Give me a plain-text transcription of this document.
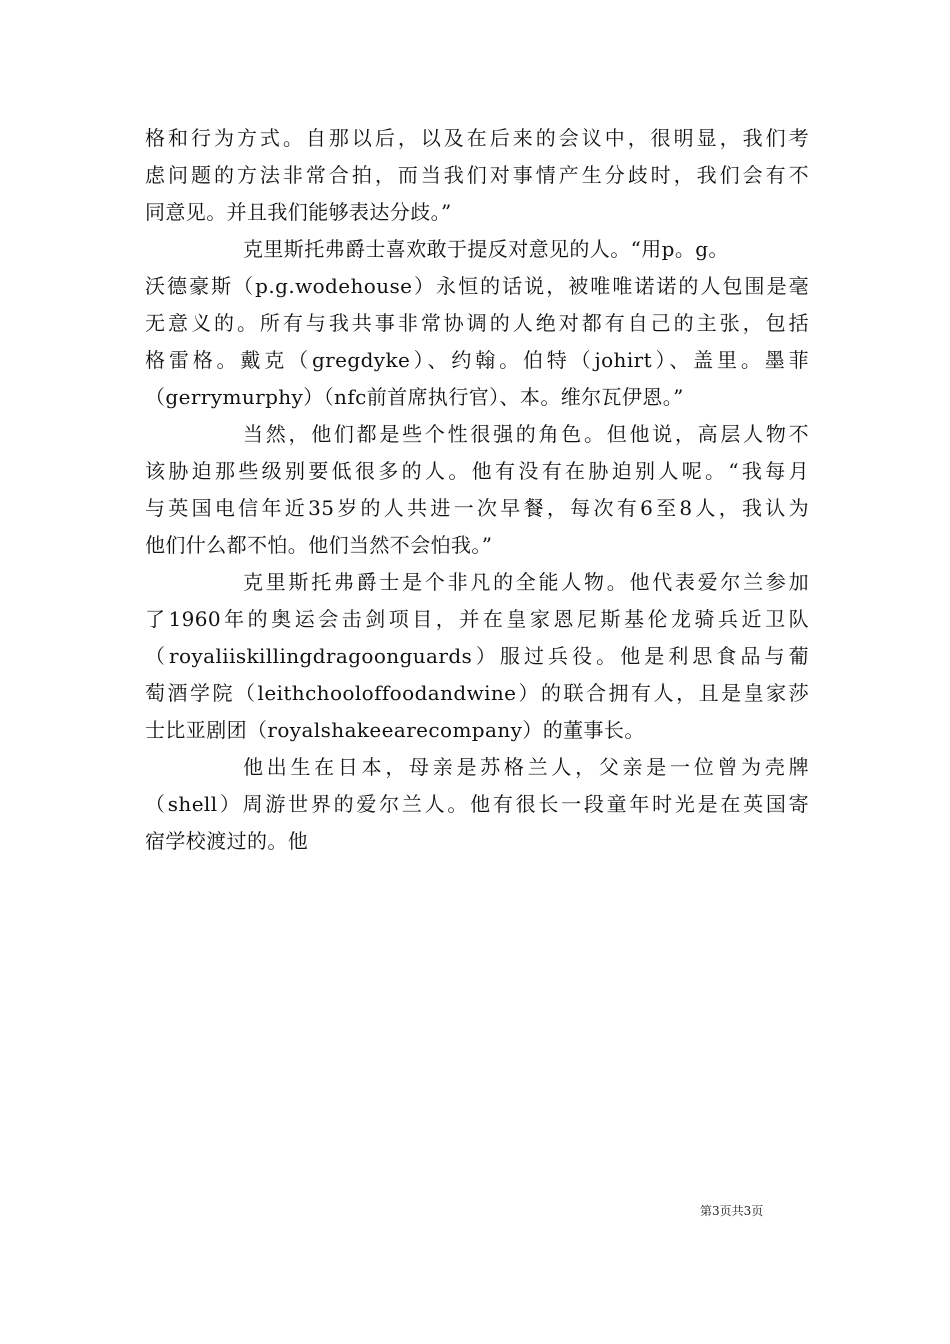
格和行为方式。自那以后，以及在后来的会议中，很明显，我们考
虑问题的方法非常合拍，而当我们对事情产生分歧时，我们会有不
同意见。并且我们能够表达分歧。”
克里斯托弗爵士喜欢敢于提反对意见的人。“用p。g。
沃德豪斯（p.g.wodehouse）永恒的话说，被唯唯诺诺的人包围是毫
无意义的。所有与我共事非常协调的人绝对都有自己的主张，包括
格雷格。戴克（gregdyke）、约翰。伯特（johirt）、盖里。墨菲
（gerrymurphy）（nfc前首席执行官）、本。维尔瓦伊恩。”
当然，他们都是些个性很强的角色。但他说，高层人物不
该胁迫那些级别要低很多的人。他有没有在胁迫别人呢。“我每月
与英国电信年近35岁的人共进一次早餐，每次有6至8人，我认为
他们什么都不怕。他们当然不会怕我。”
克里斯托弗爵士是个非凡的全能人物。他代表爱尔兰参加
了1960年的奥运会击剑项目，并在皇家恩尼斯基伦龙骑兵近卫队
（royaliiskillingdragoonguards）服过兵役。他是利思食品与葡
萄酒学院（leithchooloffoodandwine）的联合拥有人，且是皇家莎
士比亚剧团（royalshakeearecompany）的董事长。
他出生在日本，母亲是苏格兰人，父亲是一位曾为壳牌
（shell）周游世界的爱尔兰人。他有很长一段童年时光是在英国寄
宿学校渡过的。他
第3页共3页
